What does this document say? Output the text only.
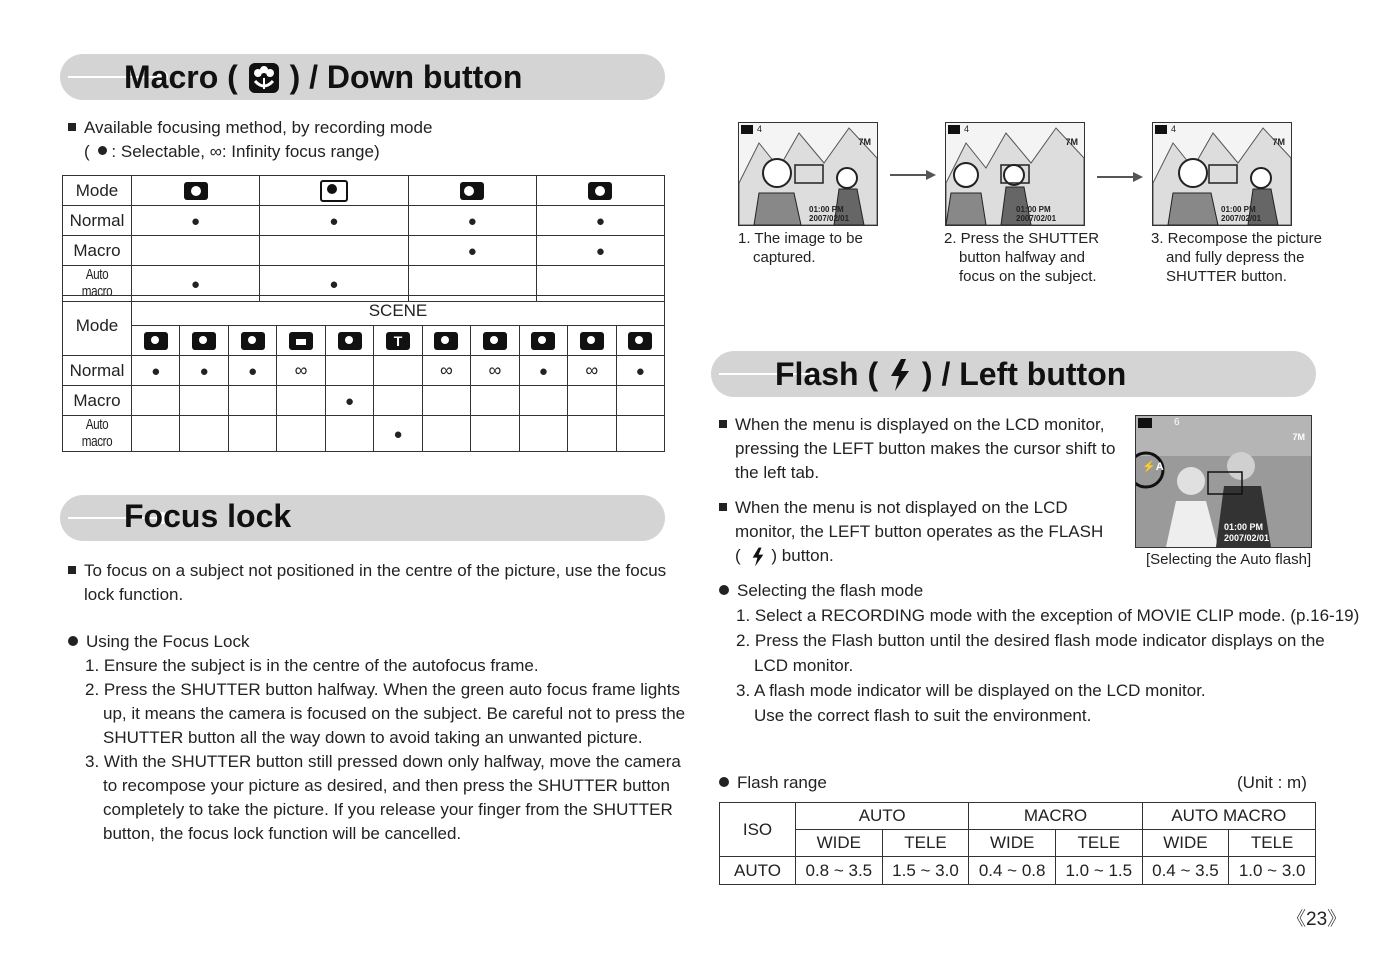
Macro ( ) / Down button
Available focusing method, by recording mode
( : Selectable, ∞: Infinity focus range)
Mode	

Normal	●	●	●	●
Macro			●	●
Auto macro	●	●		
Mode	SCENE										

		T	

Normal	●	●	●	∞			∞	∞	●	∞	●
Macro					●						
Auto macro						●					
Focus lock
To focus on a subject not positioned in the centre of the picture, use the focus
lock function.
Using the Focus Lock
1. Ensure the subject is in the centre of the autofocus frame.
2. Press the SHUTTER button halfway. When the green auto focus frame lights
up, it means the camera is focused on the subject. Be careful not to press the
SHUTTER button all the way down to avoid taking an unwanted picture.
3. With the SHUTTER button still pressed down only halfway, move the camera
to recompose your picture as desired, and then press the SHUTTER button
completely to take the picture. If you release your finger from the SHUTTER
button, the focus lock function will be cancelled.
4
7M
01:00 PM
2007/02/01
1. The image to be
captured.
4
7M
01:00 PM
2007/02/01
2. Press the SHUTTER
button halfway and
focus on the subject.
4
7M
01:00 PM
2007/02/01
3. Recompose the picture
and fully depress the
SHUTTER button.
Flash ( ) / Left button
When the menu is displayed on the LCD monitor,
pressing the LEFT button makes the cursor shift to
the left tab.
When the menu is not displayed on the LCD
monitor, the LEFT button operates as the FLASH
( ) button.
⚡A
6
7M
01:00 PM
2007/02/01
[Selecting the Auto flash]
Selecting the flash mode
1. Select a RECORDING mode with the exception of MOVIE CLIP mode. (p.16-19)
2. Press the Flash button until the desired flash mode indicator displays on the
LCD monitor.
3. A flash mode indicator will be displayed on the LCD monitor.
Use the correct flash to suit the environment.
Flash range	(Unit : m)
ISO	AUTO		MACRO		AUTO MACRO	
	WIDE	TELE	WIDE	TELE	WIDE	TELE
AUTO	0.8 ~ 3.5	1.5 ~ 3.0	0.4 ~ 0.8	1.0 ~ 1.5	0.4 ~ 3.5	1.0 ~ 3.0
《23》
